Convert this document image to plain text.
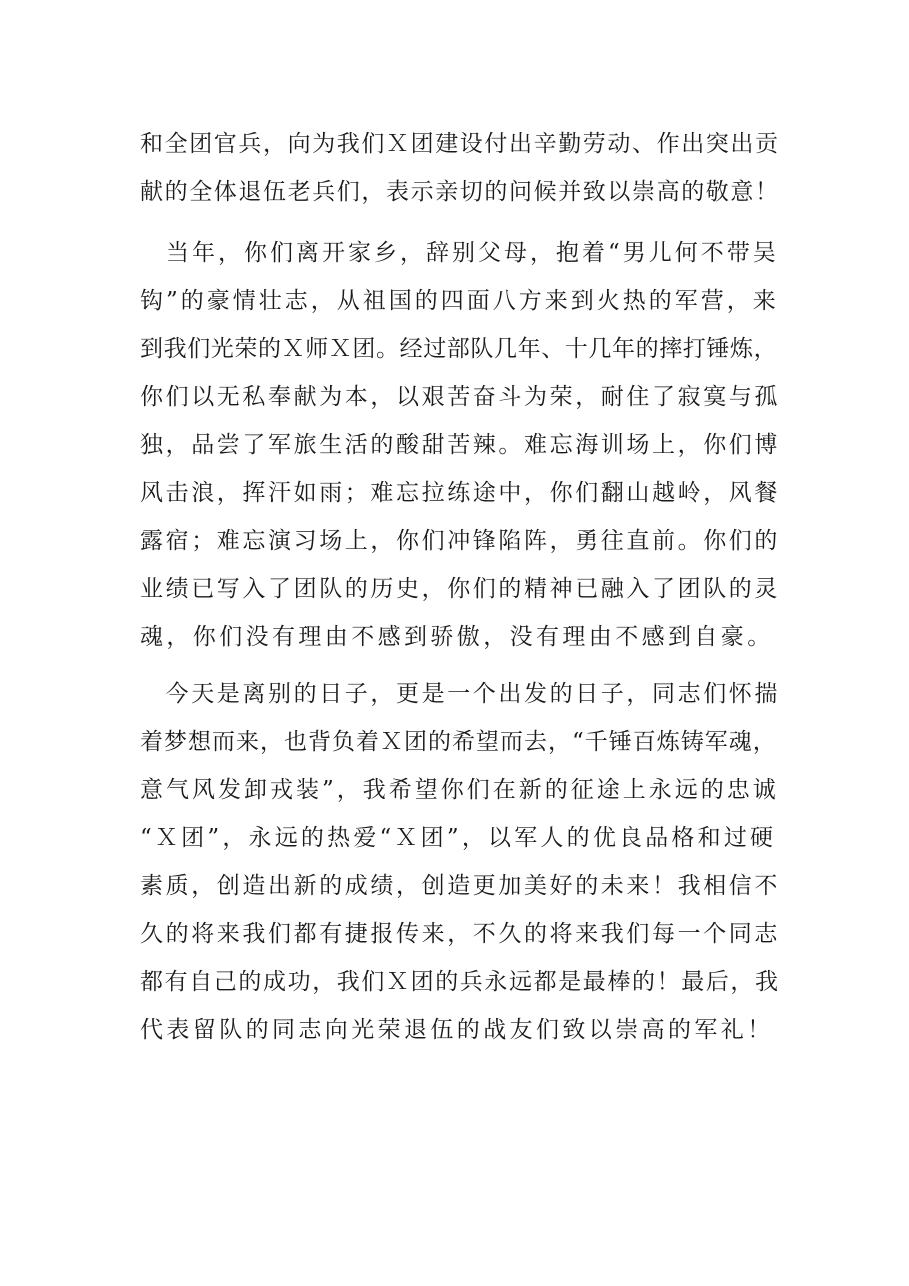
和全团官兵，向为我们Ｘ团建设付出辛勤劳动、作出突出贡
献的全体退伍老兵们，表示亲切的问候并致以崇高的敬意！
　当年，你们离开家乡，辞别父母，抱着“男儿何不带吴
钩”的豪情壮志，从祖国的四面八方来到火热的军营，来
到我们光荣的Ｘ师Ｘ团。经过部队几年、十几年的摔打锤炼，
你们以无私奉献为本，以艰苦奋斗为荣，耐住了寂寞与孤
独，品尝了军旅生活的酸甜苦辣。难忘海训场上，你们博
风击浪，挥汗如雨；难忘拉练途中，你们翻山越岭，风餐
露宿；难忘演习场上，你们冲锋陷阵，勇往直前。你们的
业绩已写入了团队的历史，你们的精神已融入了团队的灵
魂，你们没有理由不感到骄傲，没有理由不感到自豪。
　今天是离别的日子，更是一个出发的日子，同志们怀揣
着梦想而来，也背负着Ｘ团的希望而去，“千锤百炼铸军魂，
意气风发卸戎装”，我希望你们在新的征途上永远的忠诚
“Ｘ团”，永远的热爱“Ｘ团”，以军人的优良品格和过硬
素质，创造出新的成绩，创造更加美好的未来！我相信不
久的将来我们都有捷报传来，不久的将来我们每一个同志
都有自己的成功，我们Ｘ团的兵永远都是最棒的！最后，我
代表留队的同志向光荣退伍的战友们致以崇高的军礼！
